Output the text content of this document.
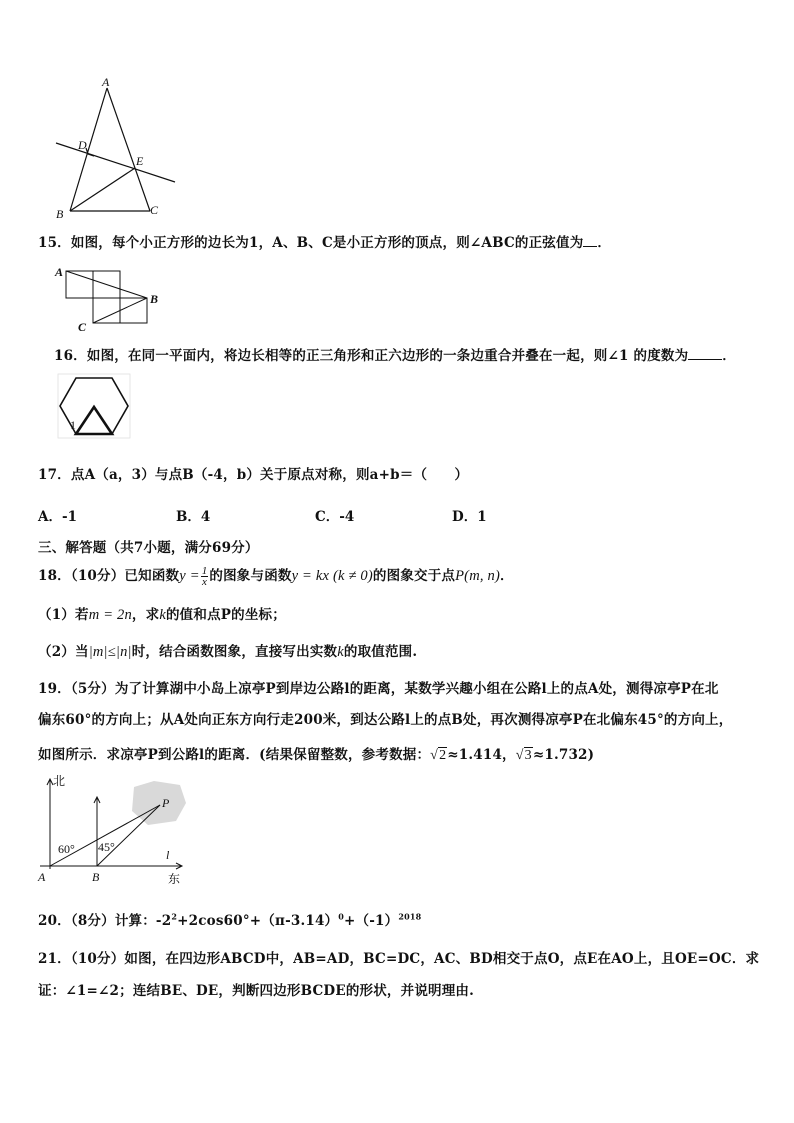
A
D
E
B	C
15．如图，每个小正方形的边长为1，A、B、C是小正方形的顶点，则∠ABC的正弦值为 ．
A
B
C
16．如图，在同一平面内，将边长相等的正三角形和正六边形的一条边重合并叠在一起，则∠1 的度数为	．
1
17．点A（a，3）与点B（-4，b）关于原点对称，则a+b＝（　　）
A．-1	B．4	C．-4	D．1
三、解答题（共7小题，满分69分）
18．（10分）已知函数$y = \frac{1}{x}$ 的图象与函数y = kx (k ≠ 0)的图象交于点P(m, n)．
（1）若m = 2n，求k的值和点P的坐标；
（2）当|m|≤|n|时，结合函数图象，直接写出实数k的取值范围.
19．（5分）为了计算湖中小岛上凉亭P到岸边公路l的距离，某数学兴趣小组在公路l上的点A处，测得凉亭P在北
偏东60°的方向上；从A处向正东方向行走200米，到达公路l上的点B处，再次测得凉亭P在北偏东45°的方向上，
如图所示．求凉亭P到公路l的距离．(结果保留整数，参考数据：√2≈1.414，√3≈1.732)
北
P
60° 45°
l
A	B	东
20．（8分）计算：$-2^2+2\cos 60^\circ+(\pi-3.14)^0+(-1)^{2018}$
21．（10分）如图，在四边形ABCD中，AB=AD，BC=DC，AC、BD相交于点O，点E在AO上，且OE=OC．求
证：∠1=∠2；连结BE、DE，判断四边形BCDE的形状，并说明理由.
